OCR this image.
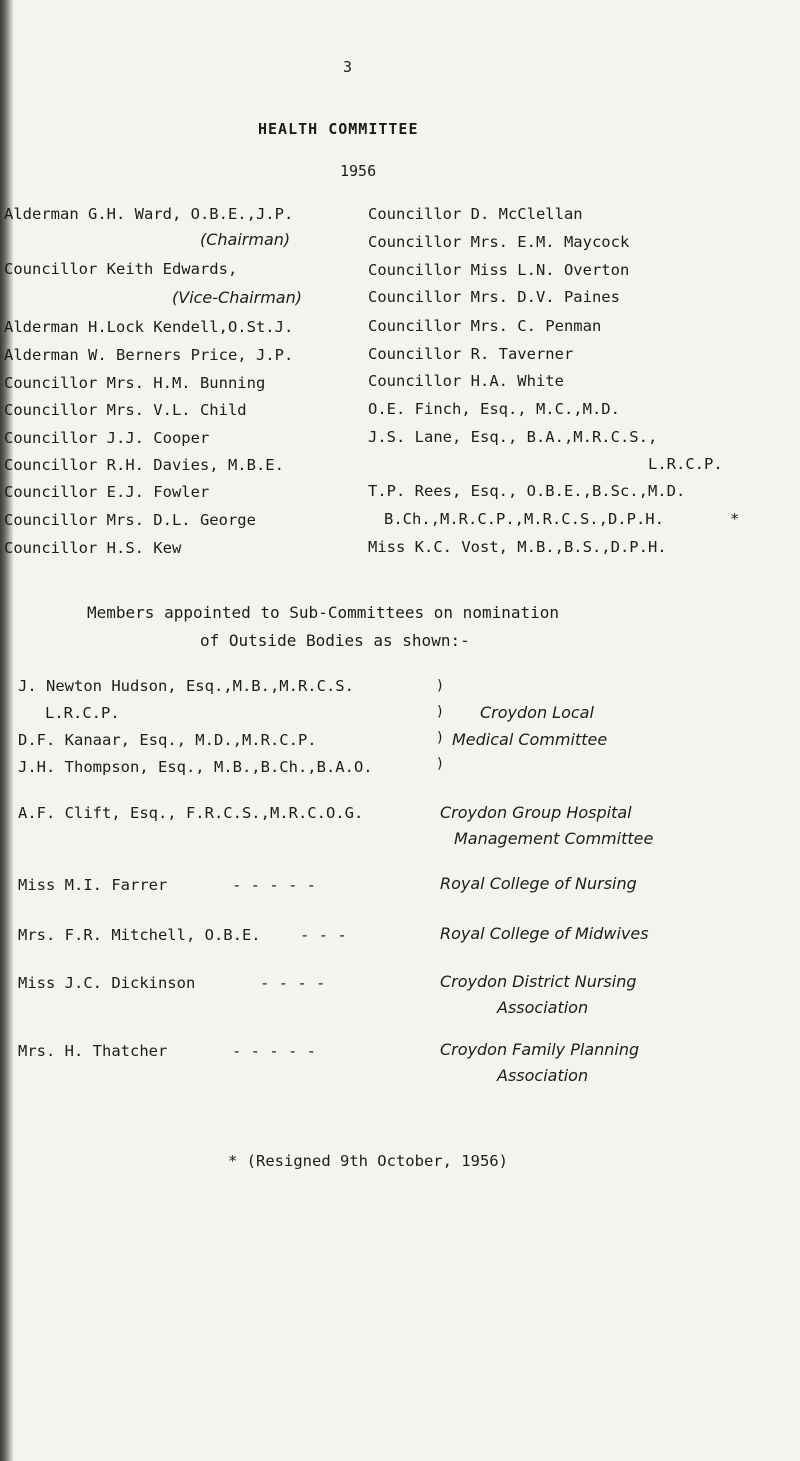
3
HEALTH COMMITTEE
1956
Alderman G.H. Ward, O.B.E.,J.P.
(Chairman)
Councillor Keith Edwards,
(Vice-Chairman)
Alderman H.Lock Kendell,O.St.J.
Alderman W. Berners Price, J.P.
Councillor Mrs. H.M. Bunning
Councillor Mrs. V.L. Child
Councillor J.J. Cooper
Councillor R.H. Davies, M.B.E.
Councillor E.J. Fowler
Councillor Mrs. D.L. George
Councillor H.S. Kew
Councillor D. McClellan
Councillor Mrs. E.M. Maycock
Councillor Miss L.N. Overton
Councillor Mrs. D.V. Paines
Councillor Mrs. C. Penman
Councillor R. Taverner
Councillor H.A. White
O.E. Finch, Esq., M.C.,M.D.
J.S. Lane, Esq., B.A.,M.R.C.S.,
L.R.C.P.
T.P. Rees, Esq., O.B.E.,B.Sc.,M.D.
B.Ch.,M.R.C.P.,M.R.C.S.,D.P.H.	*
Miss K.C. Vost, M.B.,B.S.,D.P.H.
Members appointed to Sub-Committees on nomination
of Outside Bodies as shown:-
J. Newton Hudson, Esq.,M.B.,M.R.C.S.
L.R.C.P.
D.F. Kanaar, Esq., M.D.,M.R.C.P.
J.H. Thompson, Esq., M.B.,B.Ch.,B.A.O.
)
)
)
)
Croydon Local
Medical Committee
A.F. Clift, Esq., F.R.C.S.,M.R.C.O.G.	Croydon Group Hospital
Management Committee
Miss M.I. Farrer	- - - - -	Royal College of Nursing
Mrs. F.R. Mitchell, O.B.E.	- - -	Royal College of Midwives
Miss J.C. Dickinson	- - - -	Croydon District Nursing
Association
Mrs. H. Thatcher	- - - - -	Croydon Family Planning
Association
* (Resigned 9th October, 1956)
